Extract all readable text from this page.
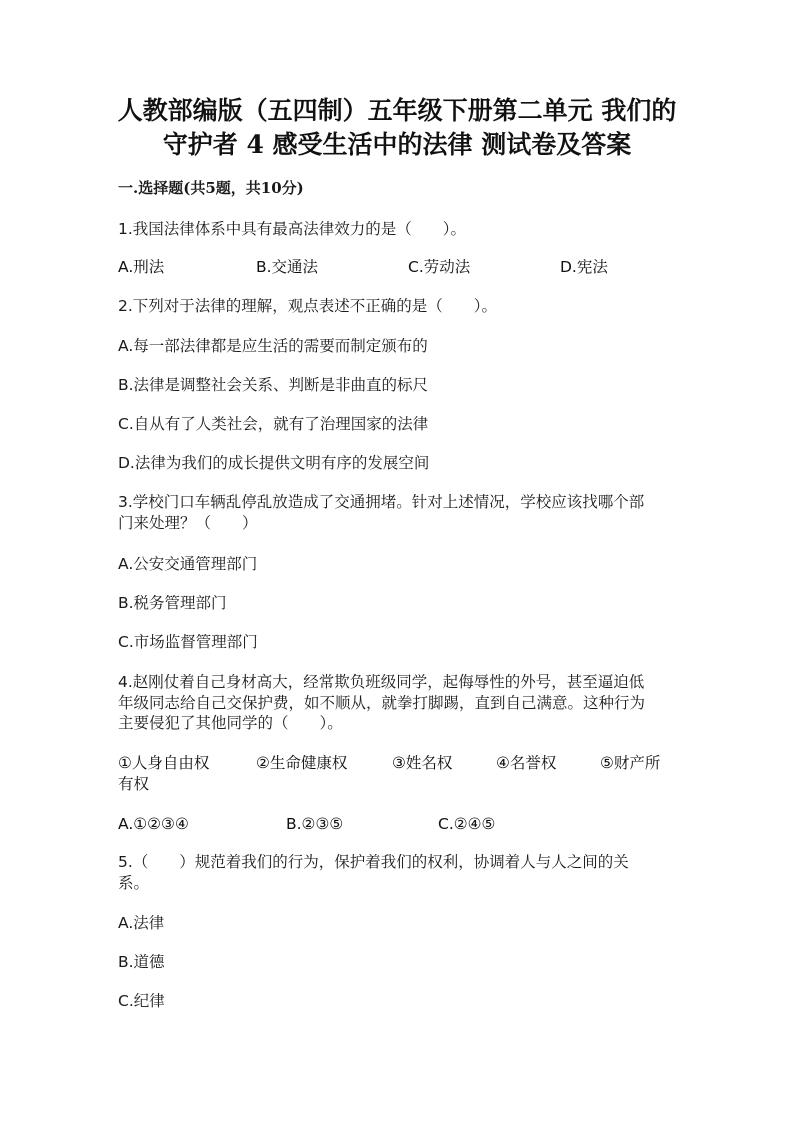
人教部编版（五四制）五年级下册第二单元 我们的
守护者 4 感受生活中的法律 测试卷及答案
一.选择题(共5题，共10分)
1.我国法律体系中具有最高法律效力的是（　　）。
A.刑法	B.交通法	C.劳动法	D.宪法
2.下列对于法律的理解，观点表述不正确的是（　　）。
A.每一部法律都是应生活的需要而制定颁布的
B.法律是调整社会关系、判断是非曲直的标尺
C.自从有了人类社会，就有了治理国家的法律
D.法律为我们的成长提供文明有序的发展空间
3.学校门口车辆乱停乱放造成了交通拥堵。针对上述情况，学校应该找哪个部
门来处理？（　　）
A.公安交通管理部门
B.税务管理部门
C.市场监督管理部门
4.赵刚仗着自己身材高大，经常欺负班级同学，起侮辱性的外号，甚至逼迫低
年级同志给自己交保护费，如不顺从，就拳打脚踢，直到自己满意。这种行为
主要侵犯了其他同学的（　　）。
①人身自由权	②生命健康权	③姓名权	④名誉权	⑤财产所
有权
A.①②③④	B.②③⑤	C.②④⑤
5.（　　）规范着我们的行为，保护着我们的权利，协调着人与人之间的关
系。
A.法律
B.道德
C.纪律
